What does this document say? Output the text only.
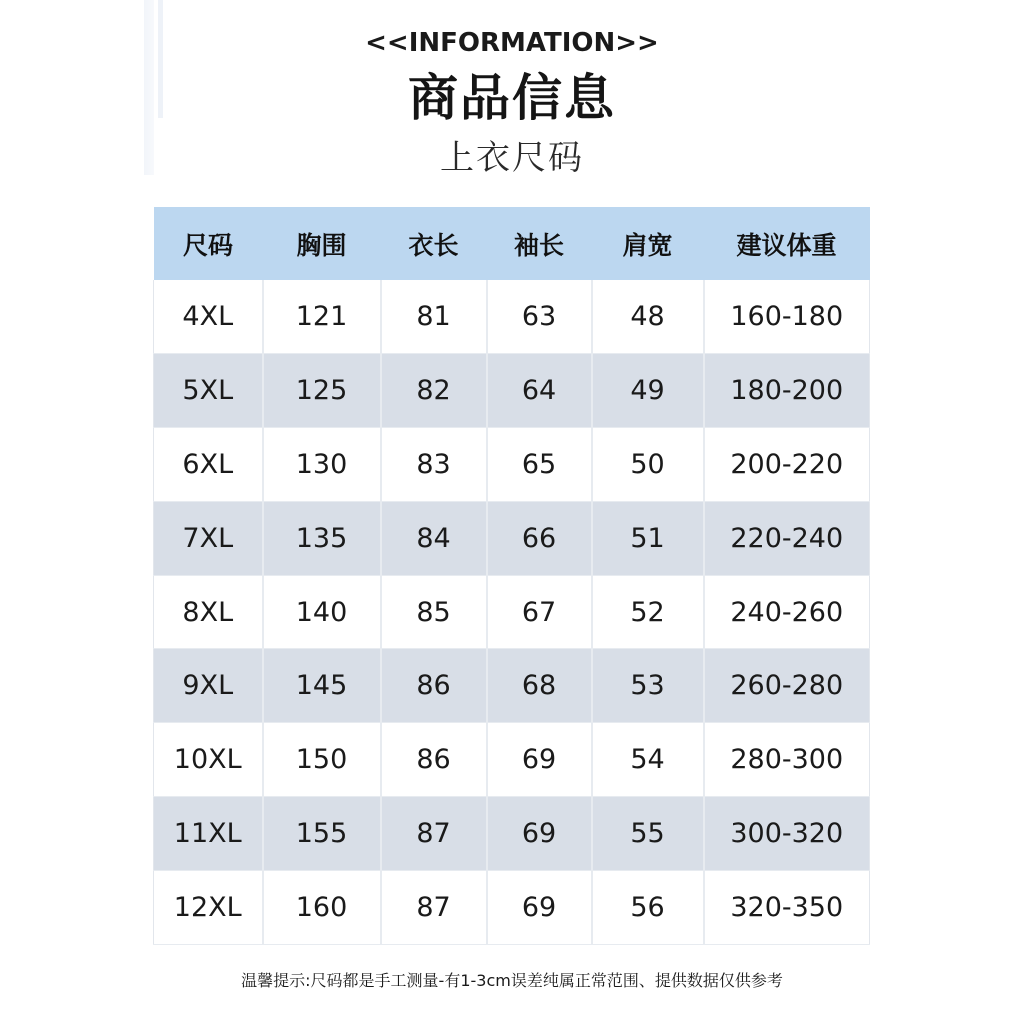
<<INFORMATION>>
商品信息
上衣尺码
尺码	胸围	衣长	袖长	肩宽	建议体重
4XL	121	81	63	48	160-180
5XL	125	82	64	49	180-200
6XL	130	83	65	50	200-220
7XL	135	84	66	51	220-240
8XL	140	85	67	52	240-260
9XL	145	86	68	53	260-280
10XL	150	86	69	54	280-300
11XL	155	87	69	55	300-320
12XL	160	87	69	56	320-350
温馨提示:尺码都是手工测量-有1-3cm误差纯属正常范围、提供数据仅供参考
